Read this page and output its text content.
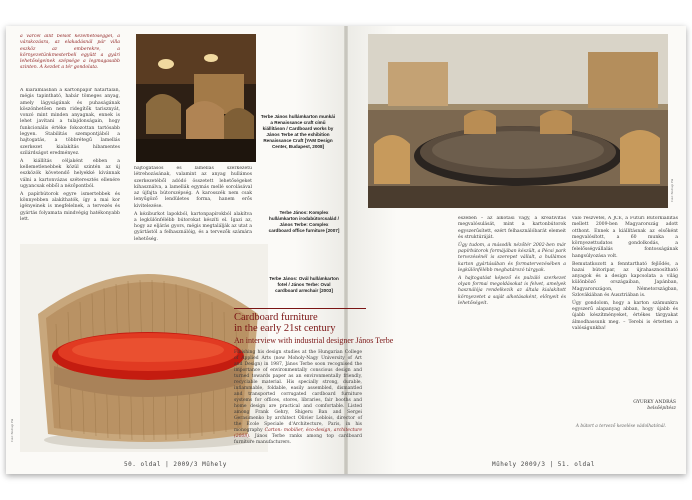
a várcél állít belsőt kezelhetőséggel, a várakozásra, az elakadásnál pár villa eszköz az emberekre, a környezetünkmesterbeli együtt a gyári lehetőségeinek szépsége a legmagasabb szinten. A kezdet a tér gondolata.

Terbe János hullámkarton munkái a Renaissance craft című kiállításon / Cardboard works by János Terbe at the exhibition Renaissance Craft [YAM Design Center, Budapest, 2008]

A kiáramlásban a kartonpapír határtalan, mégis tapintható, habár tömeges anyag, amely lágyságának és puhaságának köszönhetően nem ridegítők tarisznyát, vonzó mint minden anyagnak, ennek is lehet javítani a tulajdonságain, hogy funkcionális értéke fokozottan tartósabb legyen. Stabilitás szempontjából a hajtogatás, a többrétegű lamellás szerkezet kialakítás hibamentes szilárdságot eredményez.

A kiállítás céljaként ebben a kellemetlenebbek közül szintén az új eszközök követendő helyekké kívánnak válni a kartonvázas széteresztés ellenére ugyancsak ebből a nézőpontból.

A papírbútorok egyre ismertebbek és könnyebben alakíthatók, így a mai kor igényeinek is megfelelnek, a tervezés és gyártás folyamata mindvégig hatékonyabb lett.

hajtogatásos és lamellás szerkezetű létrehozásának, valamint az anyag hullámos szerkezetéből adódó összetett lehetőségeket kihasználva, a lamellák egymás mellé sorolásával az újfajta bútorszépség. A karosszék nem csak lenyűgöző lendületes forma, hanem erős kivitelezése.

A kéziburkot lapokból, kartonpapírokból alakítva a legkülönfélébb bútorokat készíti el. Igazi az, hogy az eljárás gyors, mégis megtalálják az utat a gyártástól a felhasználóig, és a tervezők számára lehetőség.

Terbe János: Komplex hullámkarton irodabútorcsalád / János Terbe: Complex cardboard office furniture [2007]
Terbe János: Ovál hullámkarton fotel / János Terbe: Oval cardboard armchair [2003]
Fotó: Bodrogi Pál
50. oldal | 2009/3 Műhely
Fotó: Bodrogi Pál

eszében – az alkotási vágy, a kreativitás megvalósulását, mint a kartonbútorok egyszerűsített, ezért felhasználóbarát elemeit és struktúráját.

Úgy tudom, a második nézőtér 2002-ben már papírbútorok formájában készült, a Pécsi park tervezésénél is szerepet vállalt, a hullámos karton gyártásában és formatervezésében a legkülönfélébb meghatározó tárgyak.

A hajtogatást képező és pulzáló szerkezet olyan formai megoldásokat is felvet, amelyek használója rendelkezik az általa kialakított környezetet a saját alkotásaként, előnyeit és lehetőségeit.

való részvétel, A JCE, a Futuri Bútorkiállítás mellett 2009-ben Magyarország adott otthont. Ennek a kiállításnak az elsőként megvalósított, a 60 munka a környezettudatos gondolkodás, a felelősségvállalás fontosságának hangsúlyozása volt.

Bemutatkozott a fenntartható fejlődés, a hazai bútoripar, az újrahasznosítható anyagok és a design kapcsolata a világ különböző országaiban, Japánban, Magyarországon, Németországban, Szlovákiában és Ausztriában is.

Úgy gondolom, hogy a karton számunkra egyszerű alapanyag abban, hogy újabb és újabb készítményeket, értékes tárgyakat álmodhassunk meg. – Terebi is értetten a valóságunkba!

Műhely 2009/3 | 51. oldal
Cardboard furniture
in the early 21st century
An interview with industrial designer János Terbe
Finishing his design studies at the Hungarian College of Applied Arts (now Moholy-Nagy University of Art and Design) in 1987, János Terbe soon recognised the importance of environmentally conscious design and turned towards paper as an environmentally friendly, recyclable material. His specially strong, durable, inflammable, foldable, easily assembled, dismantled and transported corrugated cardboard furniture systems for offices, stores, libraries, fair booths and home design are practical and comfortable. Listed among Frank Gehry, Shigeru Ban and Sergei Gerasimenko by architect Olivier Leblois, director of the Ecole Speciale d'Architecture, Paris, in his monography Carton: mobilier, éco-design, architecture (2008). János Terbe ranks among top cardboard furniture manufacturers.
GYURKY ANDRÁS
belsőépítész
A bútort a tervező kezelése vádolhatónál.
